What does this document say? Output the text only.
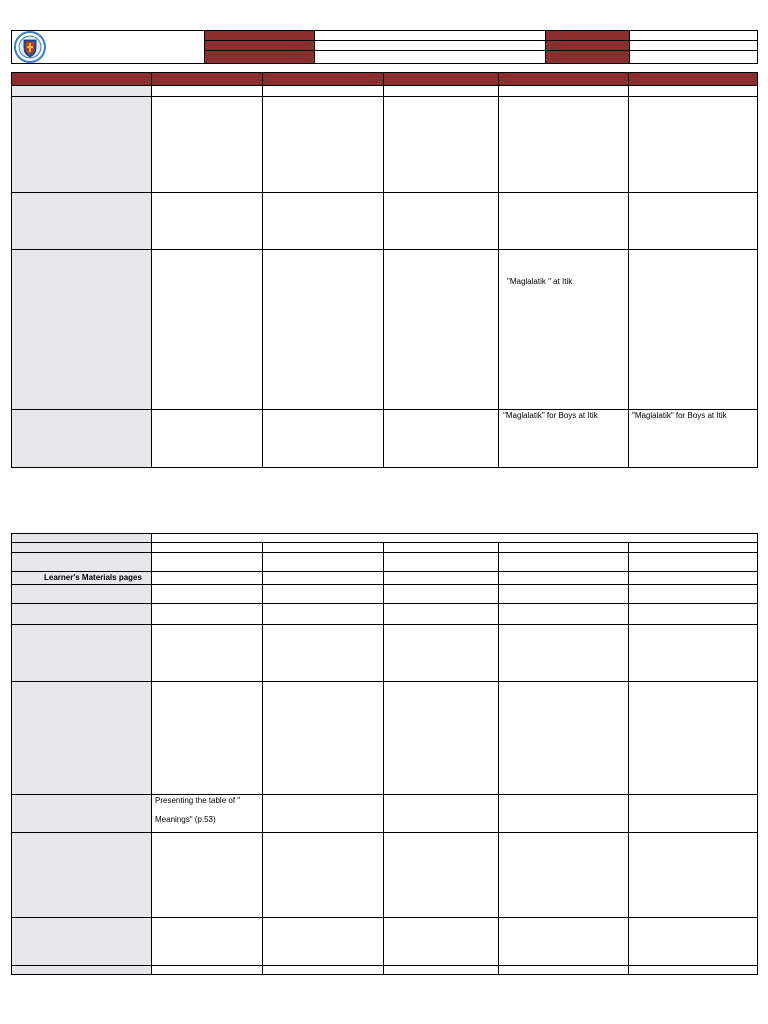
"Maglalatik " at Itik
"Maglalatik" for Boys at Itik	"Maglalatik" for Boys at Itik
Learner's Materials pages
Presenting the table of "
Meanings" (p.53)
